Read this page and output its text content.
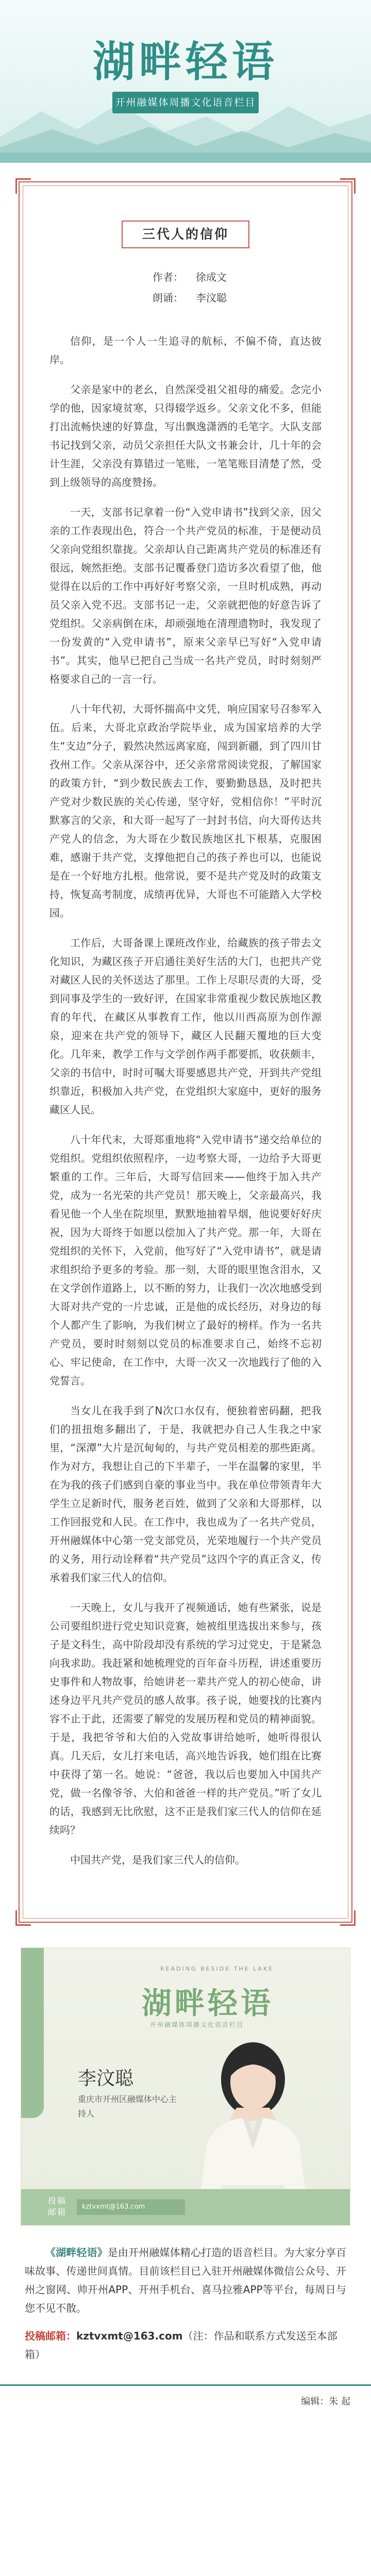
湖畔轻语
开州融媒体周播文化语音栏目
三代人的信仰
作者： 徐成文
朗诵： 李汶聪

信仰，是一个人一生追寻的航标，不偏不倚，直达彼岸。

父亲是家中的老幺，自然深受祖父祖母的痛爱。念完小学的他，因家境贫寒，只得辍学返乡。父亲文化不多，但能打出流畅快速的好算盘，写出飘逸潇洒的毛笔字。大队支部书记找到父亲，动员父亲担任大队文书兼会计，几十年的会计生涯，父亲没有算错过一笔账，一笔笔账目清楚了然，受到上级领导的高度赞扬。

一天，支部书记拿着一份“入党申请书”找到父亲，因父亲的工作表现出色，符合一个共产党员的标准，于是便动员父亲向党组织靠拢。父亲却认自己距离共产党员的标准还有很远，婉然拒绝。支部书记覆番登门造访多次看望了他，他觉得在以后的工作中再好好考察父亲，一旦时机成熟，再动员父亲入党不迟。支部书记一走，父亲就把他的好意告诉了党组织。父亲病倒在床，却顽强地在清理遗物时，我发现了一份发黄的“入党申请书”，原来父亲早已写好“入党申请书”。其实，他早已把自己当成一名共产党员，时时刻刻严格要求自己的一言一行。

八十年代初，大哥怀揣高中文凭，响应国家号召参军入伍。后来，大哥北京政治学院毕业，成为国家培养的大学生“支边”分子，毅然决然远离家庭，闯到新疆，到了四川甘孜州工作。父亲从深谷中，还父亲常常阅读党报，了解国家的政策方针，“到少数民族去工作，要勤勤恳恳，及时把共产党对少数民族的关心传递，坚守好，党相信你！”平时沉默寡言的父亲，和大哥一起写了一封封书信，向大哥传达共产党人的信念，为大哥在少数民族地区扎下根基，克服困难，感谢于共产党，支撑他把自己的孩子养也可以，也能说是在一个好地方扎根。他常说，要不是共产党及时的政策支持，恢复高考制度，成绩再优异，大哥也不可能踏入大学校园。

工作后，大哥备课上课班改作业，给藏族的孩子带去文化知识，为藏区孩子开启通往美好生活的大门，也把共产党对藏区人民的关怀送达了那里。工作上尽职尽责的大哥，受到同事及学生的一致好评，在国家非常重视少数民族地区教育的年代，在藏区从事教育工作，他以川西高原为创作源泉，迎来在共产党的领导下，藏区人民翻天覆地的巨大变化。几年来，教学工作与文学创作两手都要抓，收获颇丰，父亲的书信中，时时可嘱大哥要感恩共产党，开到共产党组织靠近，积极加入共产党，在党组织大家庭中，更好的服务藏区人民。

八十年代末，大哥郑重地将“入党申请书”递交给单位的党组织。党组织依照程序，一边考察大哥，一边给予大哥更繁重的工作。三年后，大哥写信回来——他终于加入共产党，成为一名光荣的共产党员！那天晚上，父亲最高兴，我看见他一个人坐在院坝里，默默地抽着旱烟，他说要好好庆祝，因为大哥终于如愿以偿加入了共产党。那一年，大哥在党组织的关怀下，入党前，他写好了“入党申请书”，就是请求组织给予更多的考验。那一刻，大哥的眼里饱含泪水，又在文学创作道路上，以不断的努力，让我们一次次地感受到大哥对共产党的一片忠诚，正是他的成长经历，对身边的每个人都产生了影响，为我们树立了最好的榜样。作为一名共产党员，要时时刻刻以党员的标准要求自己，始终不忘初心、牢记使命，在工作中，大哥一次又一次地践行了他的入党誓言。

当女儿在我手到了N次口水仅有，便独着密码翻，把我们的扭扭炮多翻出了，于是，我就把办自己人生我之中家里，“深潭”大片是沉甸甸的，与共产党员相差的那些距离。作为对方，我想让自己的下半辈子，一半在温馨的家里，半在为我的孩子们感到自豪的事业当中。我在单位带领青年大学生立足新时代，服务老百姓，做到了父亲和大哥那样，以工作回报党和人民。在工作中，我也成为了一名共产党员，开州融媒体中心第一党支部党员，光荣地履行一个共产党员的义务，用行动诠释着“共产党员”这四个字的真正含义，传承着我们家三代人的信仰。

一天晚上，女儿与我开了视频通话，她有些紧张，说是公司要组织进行党史知识竞赛，她被组里选拔出来参与，孩子是文科生，高中阶段却没有系统的学习过党史，于是紧急向我求助。我赶紧和她梳理党的百年奋斗历程，讲述重要历史事件和人物故事，给她讲老一辈共产党人的初心使命，讲述身边平凡共产党员的感人故事。孩子说，她要找的比赛内容不止于此，还需要了解党的发展历程和党员的精神面貌。于是，我把爷爷和大伯的入党故事讲给她听，她听得很认真。几天后，女儿打来电话，高兴地告诉我，她们组在比赛中获得了第一名。她说：“爸爸，我以后也要加入中国共产党，做一名像爷爷、大伯和爸爸一样的共产党员。”听了女儿的话，我感到无比欣慰，这不正是我们家三代人的信仰在延续吗？

中国共产党，是我们家三代人的信仰。

READING BESIDE THE LAKE
湖畔轻语
开州融媒体周播文化语音栏目
李汶聪
重庆市开州区融媒体中心主持人
投稿邮箱
kztvxmt@163.com

《湖畔轻语》是由开州融媒体精心打造的语音栏目。为大家分享百味故事、传递世间真情。目前该栏目已入驻开州融媒体微信公众号、开州之窗网、帅开州APP、开州手机台、喜马拉雅APP等平台，每周日与您不见不散。

投稿邮箱：kztvxmt@163.com（注：作品和联系方式发送至本部箱）
编辑：朱 起
